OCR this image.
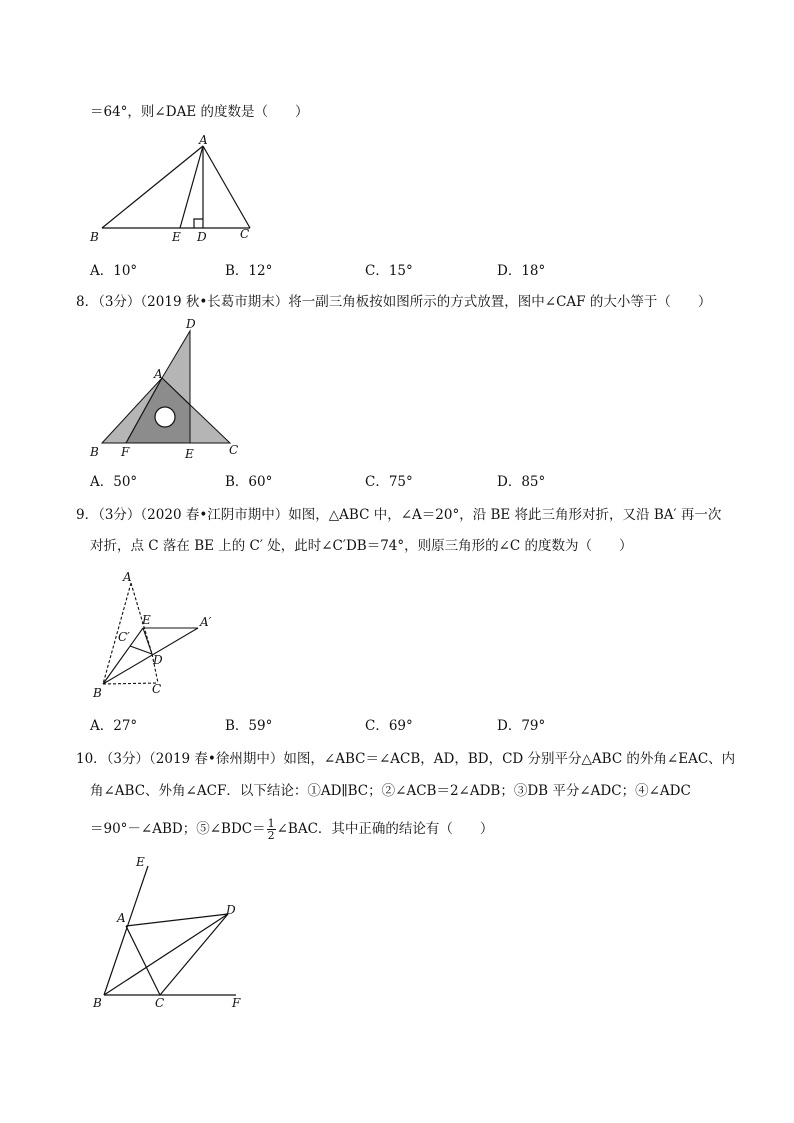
＝64°，则∠DAE 的度数是（　　）
A
B	E D	C
A．10°	B．12°	C．15°	D．18°
8．（3分）（2019 秋•长葛市期末）将一副三角板按如图所示的方式放置，图中∠CAF 的大小等于（　　）
D
A
B F	E	C
A．50°	B．60°	C．75°	D．85°
9．（3分）（2020 春•江阴市期中）如图，△ABC 中，∠A＝20°，沿 BE 将此三角形对折，又沿 BA′ 再一次
对折，点 C 落在 BE 上的 C′ 处，此时∠C′DB＝74°，则原三角形的∠C 的度数为（　　）
A
E	A′
C′
D
B	C
A．27°	B．59°	C．69°	D．79°
10．（3分）（2019 春•徐州期中）如图，∠ABC＝∠ACB，AD，BD，CD 分别平分△ABC 的外角∠EAC、内
角∠ABC、外角∠ACF．以下结论：①AD∥BC；②∠ACB＝2∠ADB；③DB 平分∠ADC；④∠ADC
＝90°－∠ABD；⑤∠BDC＝ $\frac{1}{2}$ ∠BAC．其中正确的结论有（　　）
E
A
D
B	C	F
